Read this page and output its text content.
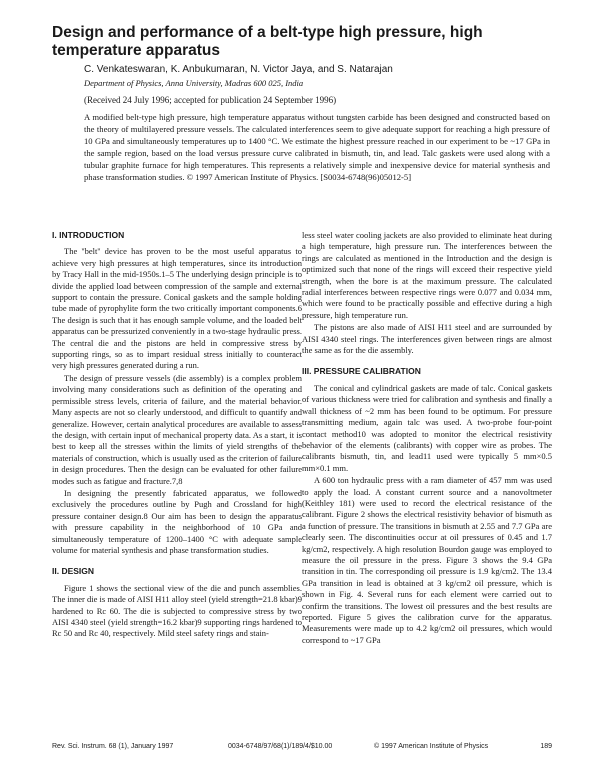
Design and performance of a belt-type high pressure, high temperature apparatus

C. Venkateswaran, K. Anbukumaran, N. Victor Jaya, and S. Natarajan

Department of Physics, Anna University, Madras 600 025, India

(Received 24 July 1996; accepted for publication 24 September 1996)

A modified belt-type high pressure, high temperature apparatus without tungsten carbide has been designed and constructed based on the theory of multilayered pressure vessels. The calculated interferences seem to give adequate support for reaching a high pressure of 10 GPa and simultaneously temperatures up to 1400 °C. We estimate the highest pressure reached in our experiment to be ~17 GPa in the sample region, based on the load versus pressure curve calibrated in bismuth, tin, and lead. Talc gaskets were used along with a tubular graphite furnace for high temperatures. This represents a relatively simple and inexpensive device for material synthesis and phase transformation studies. © 1997 American Institute of Physics. [S0034-6748(96)05012-5]

I. INTRODUCTION

The ''belt'' device has proven to be the most useful apparatus to achieve very high pressures at high temperatures, since its introduction by Tracy Hall in the mid-1950s.1–5 The underlying design principle is to divide the applied load between compression of the sample and external support to contain the pressure. Conical gaskets and the sample holding tube made of pyrophylite form the two critically important components.6 The design is such that it has enough sample volume, and the loaded belt apparatus can be pressurized conveniently in a two-stage hydraulic press. The central die and the pistons are held in compressive stress by supporting rings, so as to impart residual stress initially to counteract very high pressures generated during a run.

The design of pressure vessels (die assembly) is a complex problem involving many considerations such as definition of the operating and permissible stress levels, criteria of failure, and the material behavior. Many aspects are not so clearly understood, and difficult to quantify and generalize. However, certain analytical procedures are available to assess the design, with certain input of mechanical property data. As a start, it is best to keep all the stresses within the limits of yield strengths of the materials of construction, which is usually used as the criterion of failure in design procedures. Then the design can be evaluated for other failure modes such as fatigue and fracture.7,8

In designing the presently fabricated apparatus, we followed exclusively the procedures outline by Pugh and Crossland for high pressure container design.8 Our aim has been to design the apparatus with pressure capability in the neighborhood of 10 GPa and simultaneously temperature of 1200–1400 °C with adequate sample volume for material synthesis and phase transformation studies.

II. DESIGN

Figure 1 shows the sectional view of the die and punch assemblies. The inner die is made of AISI H11 alloy steel (yield strength=21.8 kbar)9 hardened to Rc 60. The die is subjected to compressive stress by two AISI 4340 steel (yield strength=16.2 kbar)9 supporting rings hardened to Rc 50 and Rc 40, respectively. Mild steel safety rings and stain-

less steel water cooling jackets are also provided to eliminate heat during a high temperature, high pressure run. The interferences between the rings are calculated as mentioned in the Introduction and the design is optimized such that none of the rings will exceed their respective yield strength, when the bore is at the maximum pressure. The calculated radial interferences between respective rings were 0.077 and 0.034 mm, which were found to be practically possible and effective during a high pressure, high temperature run.

The pistons are also made of AISI H11 steel and are surrounded by AISI 4340 steel rings. The interferences given between rings are almost the same as for the die assembly.

III. PRESSURE CALIBRATION

The conical and cylindrical gaskets are made of talc. Conical gaskets of various thickness were tried for calibration and synthesis and finally a wall thickness of ~2 mm has been found to be optimum. For pressure transmitting medium, again talc was used. A two-probe four-point contact method10 was adopted to monitor the electrical resistivity behavior of the elements (calibrants) with copper wire as probes. The calibrants bismuth, tin, and lead11 used were typically 5 mm×0.5 mm×0.1 mm.

A 600 ton hydraulic press with a ram diameter of 457 mm was used to apply the load. A constant current source and a nanovoltmeter (Keithley 181) were used to record the electrical resistance of the calibrant. Figure 2 shows the electrical resistivity behavior of bismuth as a function of pressure. The transitions in bismuth at 2.55 and 7.7 GPa are clearly seen. The discontinuities occur at oil pressures of 0.45 and 1.7 kg/cm2, respectively. A high resolution Bourdon gauge was employed to measure the oil pressure in the press. Figure 3 shows the 9.4 GPa transition in tin. The corresponding oil pressure is 1.9 kg/cm2. The 13.4 GPa transition in lead is obtained at 3 kg/cm2 oil pressure, which is shown in Fig. 4. Several runs for each element were carried out to confirm the transitions. The lowest oil pressures and the best results are reported. Figure 5 gives the calibration curve for the apparatus. Measurements were made up to 4.2 kg/cm2 oil pressures, which would correspond to ~17 GPa

Rev. Sci. Instrum. 68 (1), January 1997	0034-6748/97/68(1)/189/4/$10.00	© 1997 American Institute of Physics	189
